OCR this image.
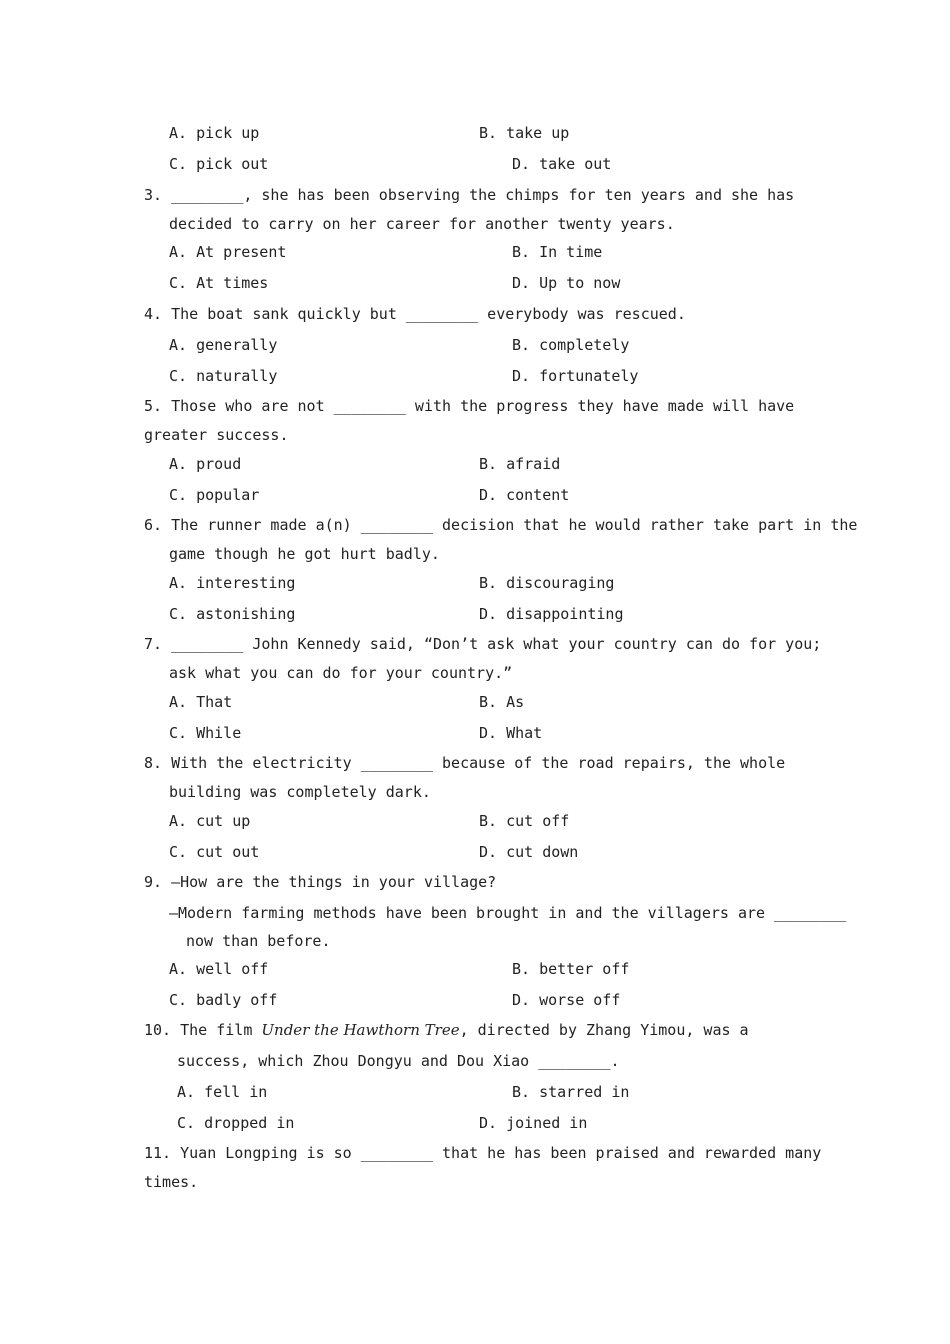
A. pick up	B. take up
C. pick out	D. take out
3. ________, she has been observing the chimps for ten years and she has
decided to carry on her career for another twenty years.
A. At present	B. In time
C. At times	D. Up to now
4. The boat sank quickly but ________ everybody was rescued.
A. generally	B. completely
C. naturally	D. fortunately
5. Those who are not ________ with the progress they have made will have
greater success.
A. proud	B. afraid
C. popular	D. content
6. The runner made a(n) ________ decision that he would rather take part in the
game though he got hurt badly.
A. interesting	B. discouraging
C. astonishing	D. disappointing
7. ________ John Kennedy said, “Don’t ask what your country can do for you;
ask what you can do for your country.”
A. That	B. As
C. While	D. What
8. With the electricity ________ because of the road repairs, the whole
building was completely dark.
A. cut up	B. cut off
C. cut out	D. cut down
9. —How are the things in your village?
—Modern farming methods have been brought in and the villagers are ________
now than before.
A. well off	B. better off
C. badly off	D. worse off
10. The film Under the Hawthorn Tree, directed by Zhang Yimou, was a
success, which Zhou Dongyu and Dou Xiao ________.
A. fell in	B. starred in
C. dropped in	D. joined in
11. Yuan Longping is so ________ that he has been praised and rewarded many
times.
